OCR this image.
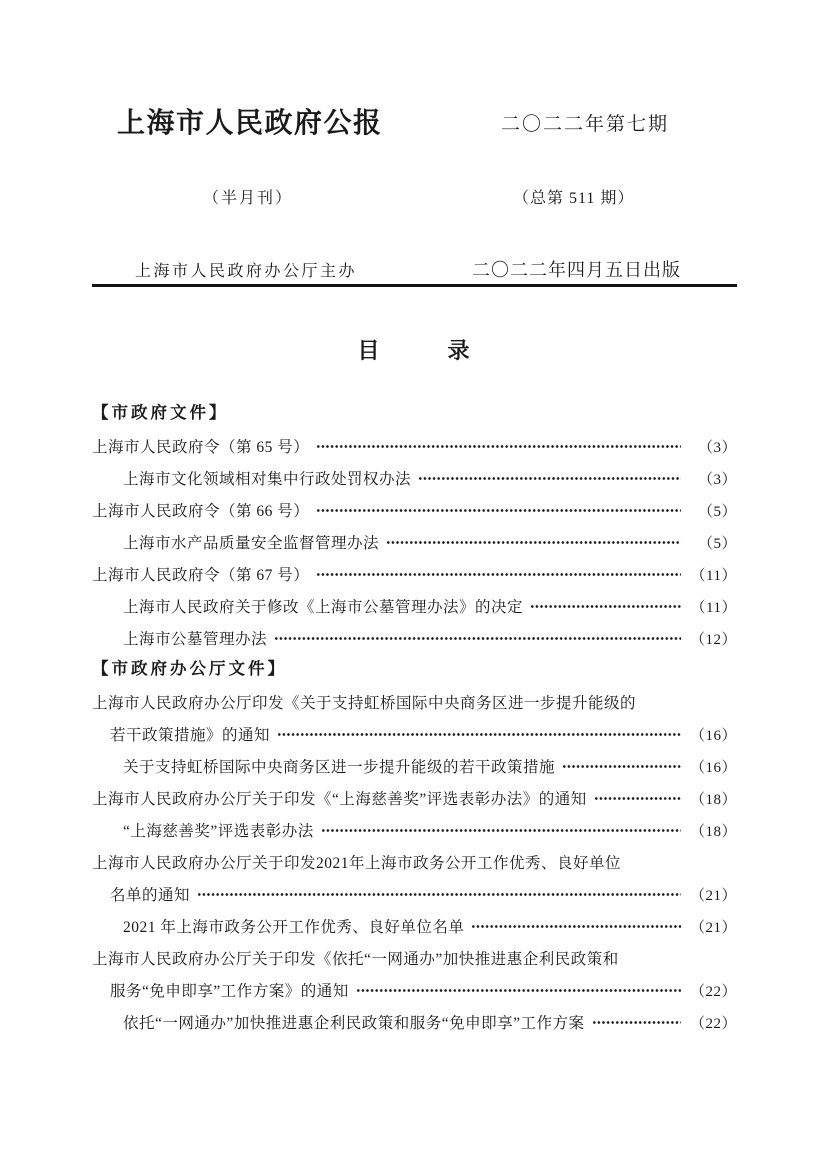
上海市人民政府公报	二〇二二年第七期
（半月刊）	（总第 511 期）
上海市人民政府办公厅主办	二〇二二年四月五日出版
目	录
【市政府文件】
上海市人民政府令（第 65 号）	（3）
上海市文化领域相对集中行政处罚权办法	（3）
上海市人民政府令（第 66 号）	（5）
上海市水产品质量安全监督管理办法	（5）
上海市人民政府令（第 67 号）	（11）
上海市人民政府关于修改《上海市公墓管理办法》的决定	（11）
上海市公墓管理办法	（12）
【市政府办公厅文件】
上海市人民政府办公厅印发《关于支持虹桥国际中央商务区进一步提升能级的
若干政策措施》的通知	（16）
关于支持虹桥国际中央商务区进一步提升能级的若干政策措施	（16）
上海市人民政府办公厅关于印发《“上海慈善奖”评选表彰办法》的通知	（18）
“上海慈善奖”评选表彰办法	（18）
上海市人民政府办公厅关于印发2021年上海市政务公开工作优秀、良好单位
名单的通知	（21）
2021 年上海市政务公开工作优秀、良好单位名单	（21）
上海市人民政府办公厅关于印发《依托“一网通办”加快推进惠企利民政策和
服务“免申即享”工作方案》的通知	（22）
依托“一网通办”加快推进惠企利民政策和服务“免申即享”工作方案	（22）
